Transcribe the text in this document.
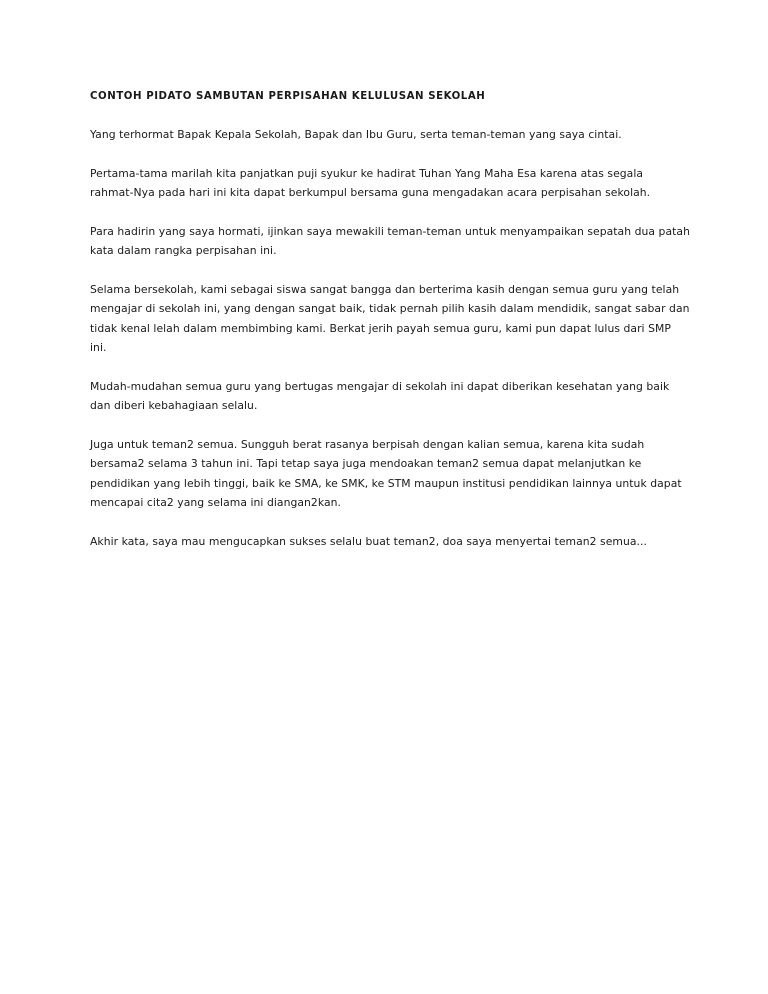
CONTOH PIDATO SAMBUTAN PERPISAHAN KELULUSAN SEKOLAH

Yang terhormat Bapak Kepala Sekolah, Bapak dan Ibu Guru, serta teman-teman yang saya cintai.

Pertama-tama marilah kita panjatkan puji syukur ke hadirat Tuhan Yang Maha Esa karena atas segala rahmat-Nya pada hari ini kita dapat berkumpul bersama guna mengadakan acara perpisahan sekolah.

Para hadirin yang saya hormati, ijinkan saya mewakili teman-teman untuk menyampaikan sepatah dua patah kata dalam rangka perpisahan ini.

Selama bersekolah, kami sebagai siswa sangat bangga dan berterima kasih dengan semua guru yang telah mengajar di sekolah ini, yang dengan sangat baik, tidak pernah pilih kasih dalam mendidik, sangat sabar dan tidak kenal lelah dalam membimbing kami. Berkat jerih payah semua guru, kami pun dapat lulus dari SMP ini.

Mudah-mudahan semua guru yang bertugas mengajar di sekolah ini dapat diberikan kesehatan yang baik dan diberi kebahagiaan selalu.

Juga untuk teman2 semua. Sungguh berat rasanya berpisah dengan kalian semua, karena kita sudah bersama2 selama 3 tahun ini. Tapi tetap saya juga mendoakan teman2 semua dapat melanjutkan ke pendidikan yang lebih tinggi, baik ke SMA, ke SMK, ke STM maupun institusi pendidikan lainnya untuk dapat mencapai cita2 yang selama ini diangan2kan.

Akhir kata, saya mau mengucapkan sukses selalu buat teman2, doa saya menyertai teman2 semua...
